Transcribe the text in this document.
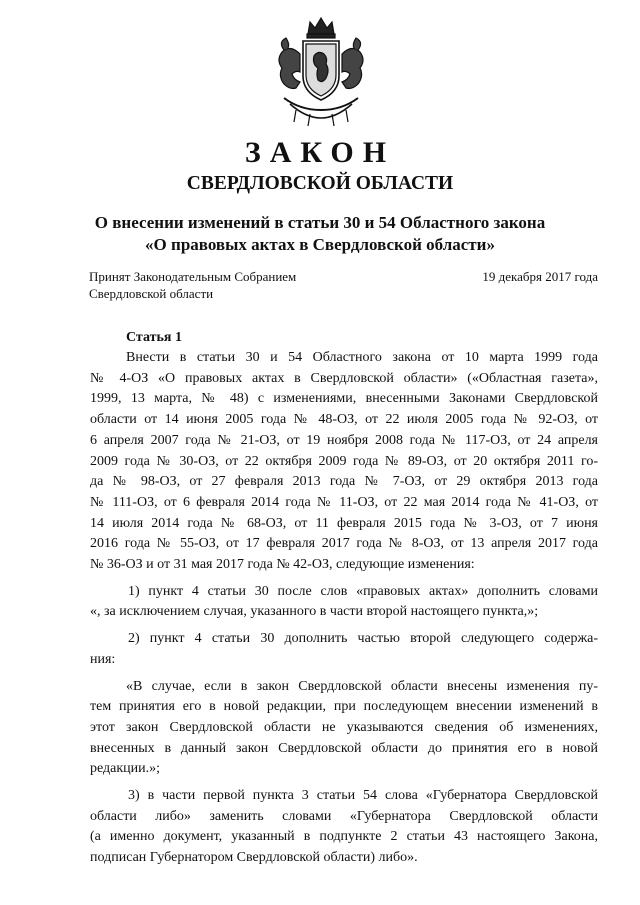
ЗАКОН
СВЕРДЛОВСКОЙ ОБЛАСТИ
О внесении изменений в статьи 30 и 54 Областного закона
«О правовых актах в Свердловской области»
Принят Законодательным Собранием
Свердловской области
19 декабря 2017 года
Статья 1
Внести в статьи 30 и 54 Областного закона от 10 марта 1999 года
№ 4-ОЗ «О правовых актах в Свердловской области» («Областная газета»,
1999, 13 марта, № 48) с изменениями, внесенными Законами Свердловской
области от 14 июня 2005 года № 48-ОЗ, от 22 июля 2005 года № 92-ОЗ, от
6 апреля 2007 года № 21-ОЗ, от 19 ноября 2008 года № 117-ОЗ, от 24 апреля
2009 года № 30-ОЗ, от 22 октября 2009 года № 89-ОЗ, от 20 октября 2011 го-
да № 98-ОЗ, от 27 февраля 2013 года № 7-ОЗ, от 29 октября 2013 года
№ 111-ОЗ, от 6 февраля 2014 года № 11-ОЗ, от 22 мая 2014 года № 41-ОЗ, от
14 июля 2014 года № 68-ОЗ, от 11 февраля 2015 года № 3-ОЗ, от 7 июня
2016 года № 55-ОЗ, от 17 февраля 2017 года № 8-ОЗ, от 13 апреля 2017 года
№ 36-ОЗ и от 31 мая 2017 года № 42-ОЗ, следующие изменения:
1) пункт 4 статьи 30 после слов «правовых актах» дополнить словами
«, за исключением случая, указанного в части второй настоящего пункта,»;
2) пункт 4 статьи 30 дополнить частью второй следующего содержа-
ния:
«В случае, если в закон Свердловской области внесены изменения пу-
тем принятия его в новой редакции, при последующем внесении изменений в
этот закон Свердловской области не указываются сведения об изменениях,
внесенных в данный закон Свердловской области до принятия его в новой
редакции.»;
3) в части первой пункта 3 статьи 54 слова «Губернатора Свердловской
области либо» заменить словами «Губернатора Свердловской области
(а именно документ, указанный в подпункте 2 статьи 43 настоящего Закона,
подписан Губернатором Свердловской области) либо».
